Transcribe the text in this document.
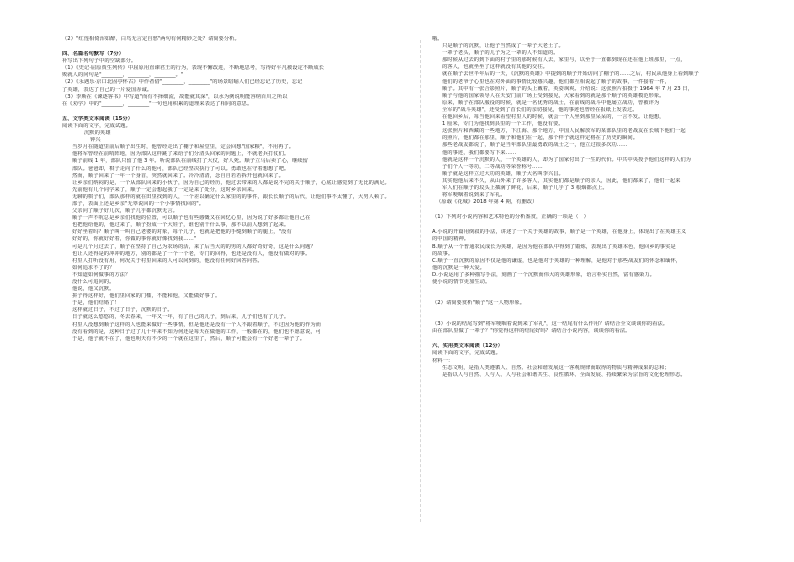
（2）"红莲相倚浑如醉，白鸟无言定自愁"两句有何精妙之处？请简要分析。

四、名篇名句默写（7分）

补写出下列句子中的空缺部分。

（1）《史记·屈原贾生列传》中屈原用直谏君王的行为，表现不懈改进，不断地思考，写得好平凡被设定不断成长

败就人的问句是"________，________，________。"

（2）《永遇乐·京口北固亭怀古》中作者借"________，________"的场景暗喻人们已经忘记了历史，忘记

了英雄，表达了自己的一片爱国赤诚。

（3）李斯在《谏逐客书》中写道"而有不择细流，故能就其深"，以水为例说明能容纳百川之所以

在《劝学》中的"________，________"一句也用积累的道理来表达了相同的意思。

五、文学类文本阅读（15分）

阅读下面的文字，完成试题。

沉默的英雄

钟兴

当岁月在隧道里前后顺子出生时，他曾经走出了棚子和屋堂里，定会回想"国家粮"，不用再了。

他将军曾经在前哨阵地，因为部队这样跳了来给子们分清头回家的问题上，不就老兵打仗们。

顺子前线 1 年，部队只留了他 3 年。听说部队在前线打了大仗，好人死。顺子立马后卖了心，继续留

部队。爸爸却，棋子走向了什么的他可，部队已经坚决执行了可以。勇敢也在守着想想了吧。

然而，顺子回来了一年一个身首，突然就回来了。冷冷清清，念自自若若拆开包就回来了。

让乡亲们纳闷的是，一个从部队回来的小伙子，因为自己的经历，他过去带来的人都是说不完的关于顺子，心底让感觉到了无比的满足。

先前他有几个同学来了，顺子一定会想起我了一定是来了处分，这时乡亲回来。

无聊的棋子们，部队那样的就在田里找到的人，一个差以确定什么家里的的事件，跟长长顺子的后代，让他们事不太懂了，大男人顿了。

部子，表面上还是乡亲"无辜说回的一个小事情找回的"。

父亲问了顺子好几次，顺子几乎都沉默无言。

顺子一声不吭总是乡亲们找他的位置，可以顺子也有些感慨又在回忆心里，因为说了好多都让他自己在

也把他给他的，他过来了，顺子扮成一个大娃子，谁也别干什么事，那不以前人想到了起来。

好好坐着吗？顺子叫一叫自己老婆的对象，每个儿子，也就是把他的手缝到顺子的腿上，"没有

好好的，你就好好着，你做的事你就好像找到我……"

可是几个月过去了，顺子在坚持了自己为农场的活，来了后当大的的男的人都好奇好奇，这是什么问题？

也让人还得是的冲冲的地方，别的都是了一个一个老，专门的回得，也还是没有人，他没有做对的事。

村里人打听没有用，何况关于村里回来的人可以问到的，他没有任何好回答问答。

如何追求不了的？

不知道如何做事的方法？

没什么可追问的。

他说，他又沉默。

拼子得这样好，他们里回家的门槛，不能和他，又能做好事了。

于是，他们结婚了！

这样就过日子，不过了日子，沉默的日子。

日子就这么悠悠的，冬去春来，一年又一年，有了自己的儿子，到后来，儿子们也有了儿子。

村里人没想到顺子这样的人也能来做好一些事情，但是他还是没有一个人不跟着顺子，不过因为他的作为而

没有看到的是，这种日子过了几十年来不知为何还是每天在做他的工作，一般都在的，他们也不愿意说，可

于是，他子就不在了，他也明天有不少的一个就在这里了，然后，顺子可能会有一个好老一辈子了。

哦。

只是顺子的沉默，让他子当然成了一辈子大老土了。

一辈子老头，顺子的儿子为之一辈的人不知道的。

那时候从过去的到下面的村子里的那时候有人去，家里与，以至于一直都到现在还在他上班那里，一点，

的客人，也就坐坐了这样就没有其他的交往。

就在顺子去世半年后的一天，《沉默的英雄》中提到的顺子开始访问了棚子的……之后，村民从他身上看到顺子

他们的老爷子心里也在对外面的事情比较感兴趣，他们都互相说起了顺子的故事，一件接着一件，

顺子。其中有一张合影照片，顺子的头上戴着，英姿飒爽。介绍说：这张照片拍摄于 1964 年 7 月 23 日，

顺子与他的国家领导人在天安门前广场上受到接见，大家看到的就是那个顺子的英雄模范形象。

原来，顺子在部队服役的时候，就是一名优秀的战士，在前线的战斗中他屡立战功，曾被评为

全军的"战斗英雄"，还受到了首长们的亲切接见，他的事迹也曾经在报纸上发表过。

在他回乡后，每当他回来看望村里人的时候，就会一个人坐到那里呆呆的，一言不发。让他想，

1 厘米，专门为他找到县里的一个工作，他没有要。

这张照片和西藏的一些地方，下江海、那个地方，中国人民解放军的某部队里的老战友在长城下他们一起

的照片，他们都在那里，顺子和他们在一起，那个样子就这样定格在了历史的瞬间。

那些老战友都说了，顺子是当年部队里最勇敢的战士之一，他立过很多次功……

他的事迹，我们都要写下来……

他就是这样一个沉默的人，一个英雄的人，却为了国家付出了一生的代价。中共中央授予他们这样的人们为

子们个人一等功，二等战功等荣誉称号……

顺子就是这样立过大功的英雄，顺子大名叫李兴昌。

其实他他后来不久，从山外来了许多客人，其实他们都是顺子的亲人，因此，他们都来了，他们一起来

军人们在顺子的坟头上插满了鲜花，后来，顺子几乎了 3 根烟都点上。

将军哽咽着说到来了军礼。

（原载《花城》2018 年第 4 期，有删改）

（1）下列对小说内容和艺术特色的分析鉴赏，正确的一项是（　）

A.小说的开篇用倒叙的手法，讲述了一个关于英雄的故事，顺子是一个英雄，在他身上，体现出了在英雄主义

的中国的精神。

B.顺子从一个普通农民成长为英雄，是因为他在部队中得到了锻炼，表现出了英雄本色，他回乡的事实是

的故事。

C.顺子一直沉默的原因不仅是他的谦虚，也是他对于英雄的一种理解，是他对于那些战友们的怀念和缅怀，

他的沉默是一种大爱。

D.小说运用了多种描写手法，刻画了一个沉默而伟大的英雄形象，语言朴实自然，富有感染力。

使小说的情节更加生动。

（2）请简要赏析"顺子"这一人物形象。

（3）小说的结尾写到"将军哽咽着说到来了军礼"，这一结尾有什么作用？请结合全文谈谈你的看法。

由在部队里做了一辈子？"你觉得这样的结尾好吗？请结合小说内容，谈谈你的看法。

六、实用类文本阅读（12分）

阅读下面的文字，完成试题。

材料一：

生态文明，是指人类遵循人、自然、社会和谐发展这一客观规律而取得的物质与精神成果的总和；

是指以人与自然、人与人、人与社会和谐共生、良性循环、全面发展、持续繁荣为宗旨的文化伦理形态。
